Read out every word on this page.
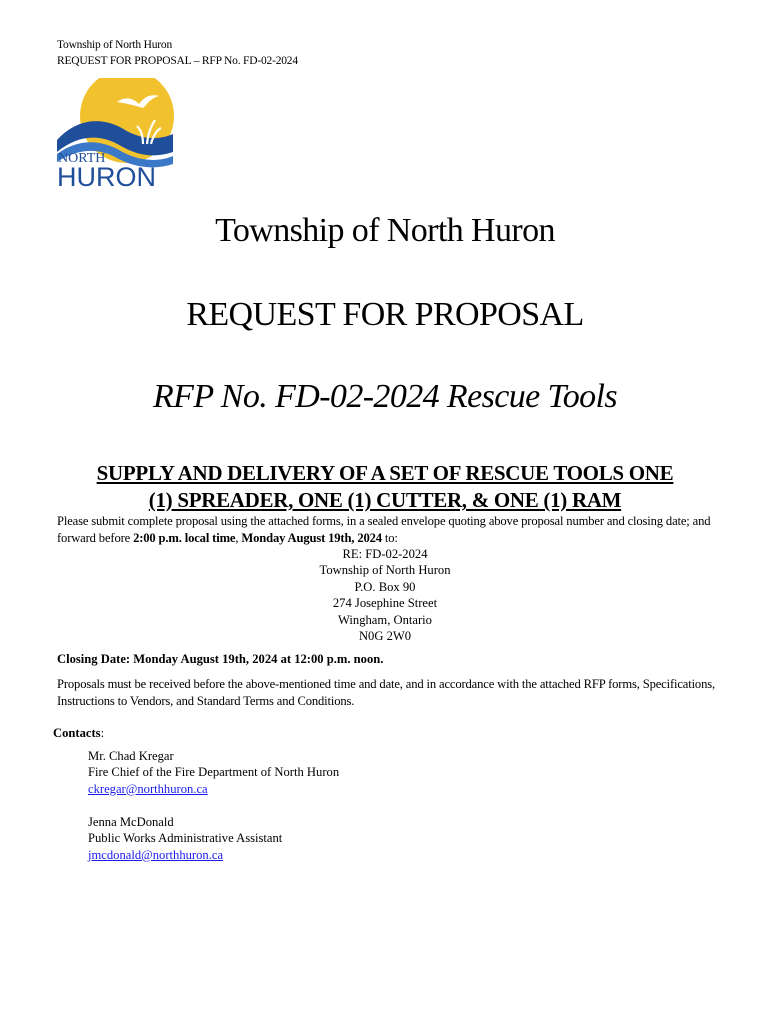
Township of North Huron
REQUEST FOR PROPOSAL – RFP No. FD-02-2024
NORTH
HURON
Township of North Huron
REQUEST FOR PROPOSAL
RFP No. FD-02-2024 Rescue Tools
SUPPLY AND DELIVERY OF A SET OF RESCUE TOOLS ONE
(1) SPREADER, ONE (1) CUTTER, & ONE (1) RAM
Please submit complete proposal using the attached forms, in a sealed envelope quoting above proposal number and closing date; and forward before 2:00 p.m. local time, Monday August 19th, 2024 to:
RE: FD-02-2024
Township of North Huron
P.O. Box 90
274 Josephine Street
Wingham, Ontario
N0G 2W0
Closing Date: Monday August 19th, 2024 at 12:00 p.m. noon.
Proposals must be received before the above-mentioned time and date, and in accordance with the attached RFP forms, Specifications, Instructions to Vendors, and Standard Terms and Conditions.
Contacts:
Mr. Chad Kregar
Fire Chief of the Fire Department of North Huron
ckregar@northhuron.ca
Jenna McDonald
Public Works Administrative Assistant
jmcdonald@northhuron.ca
